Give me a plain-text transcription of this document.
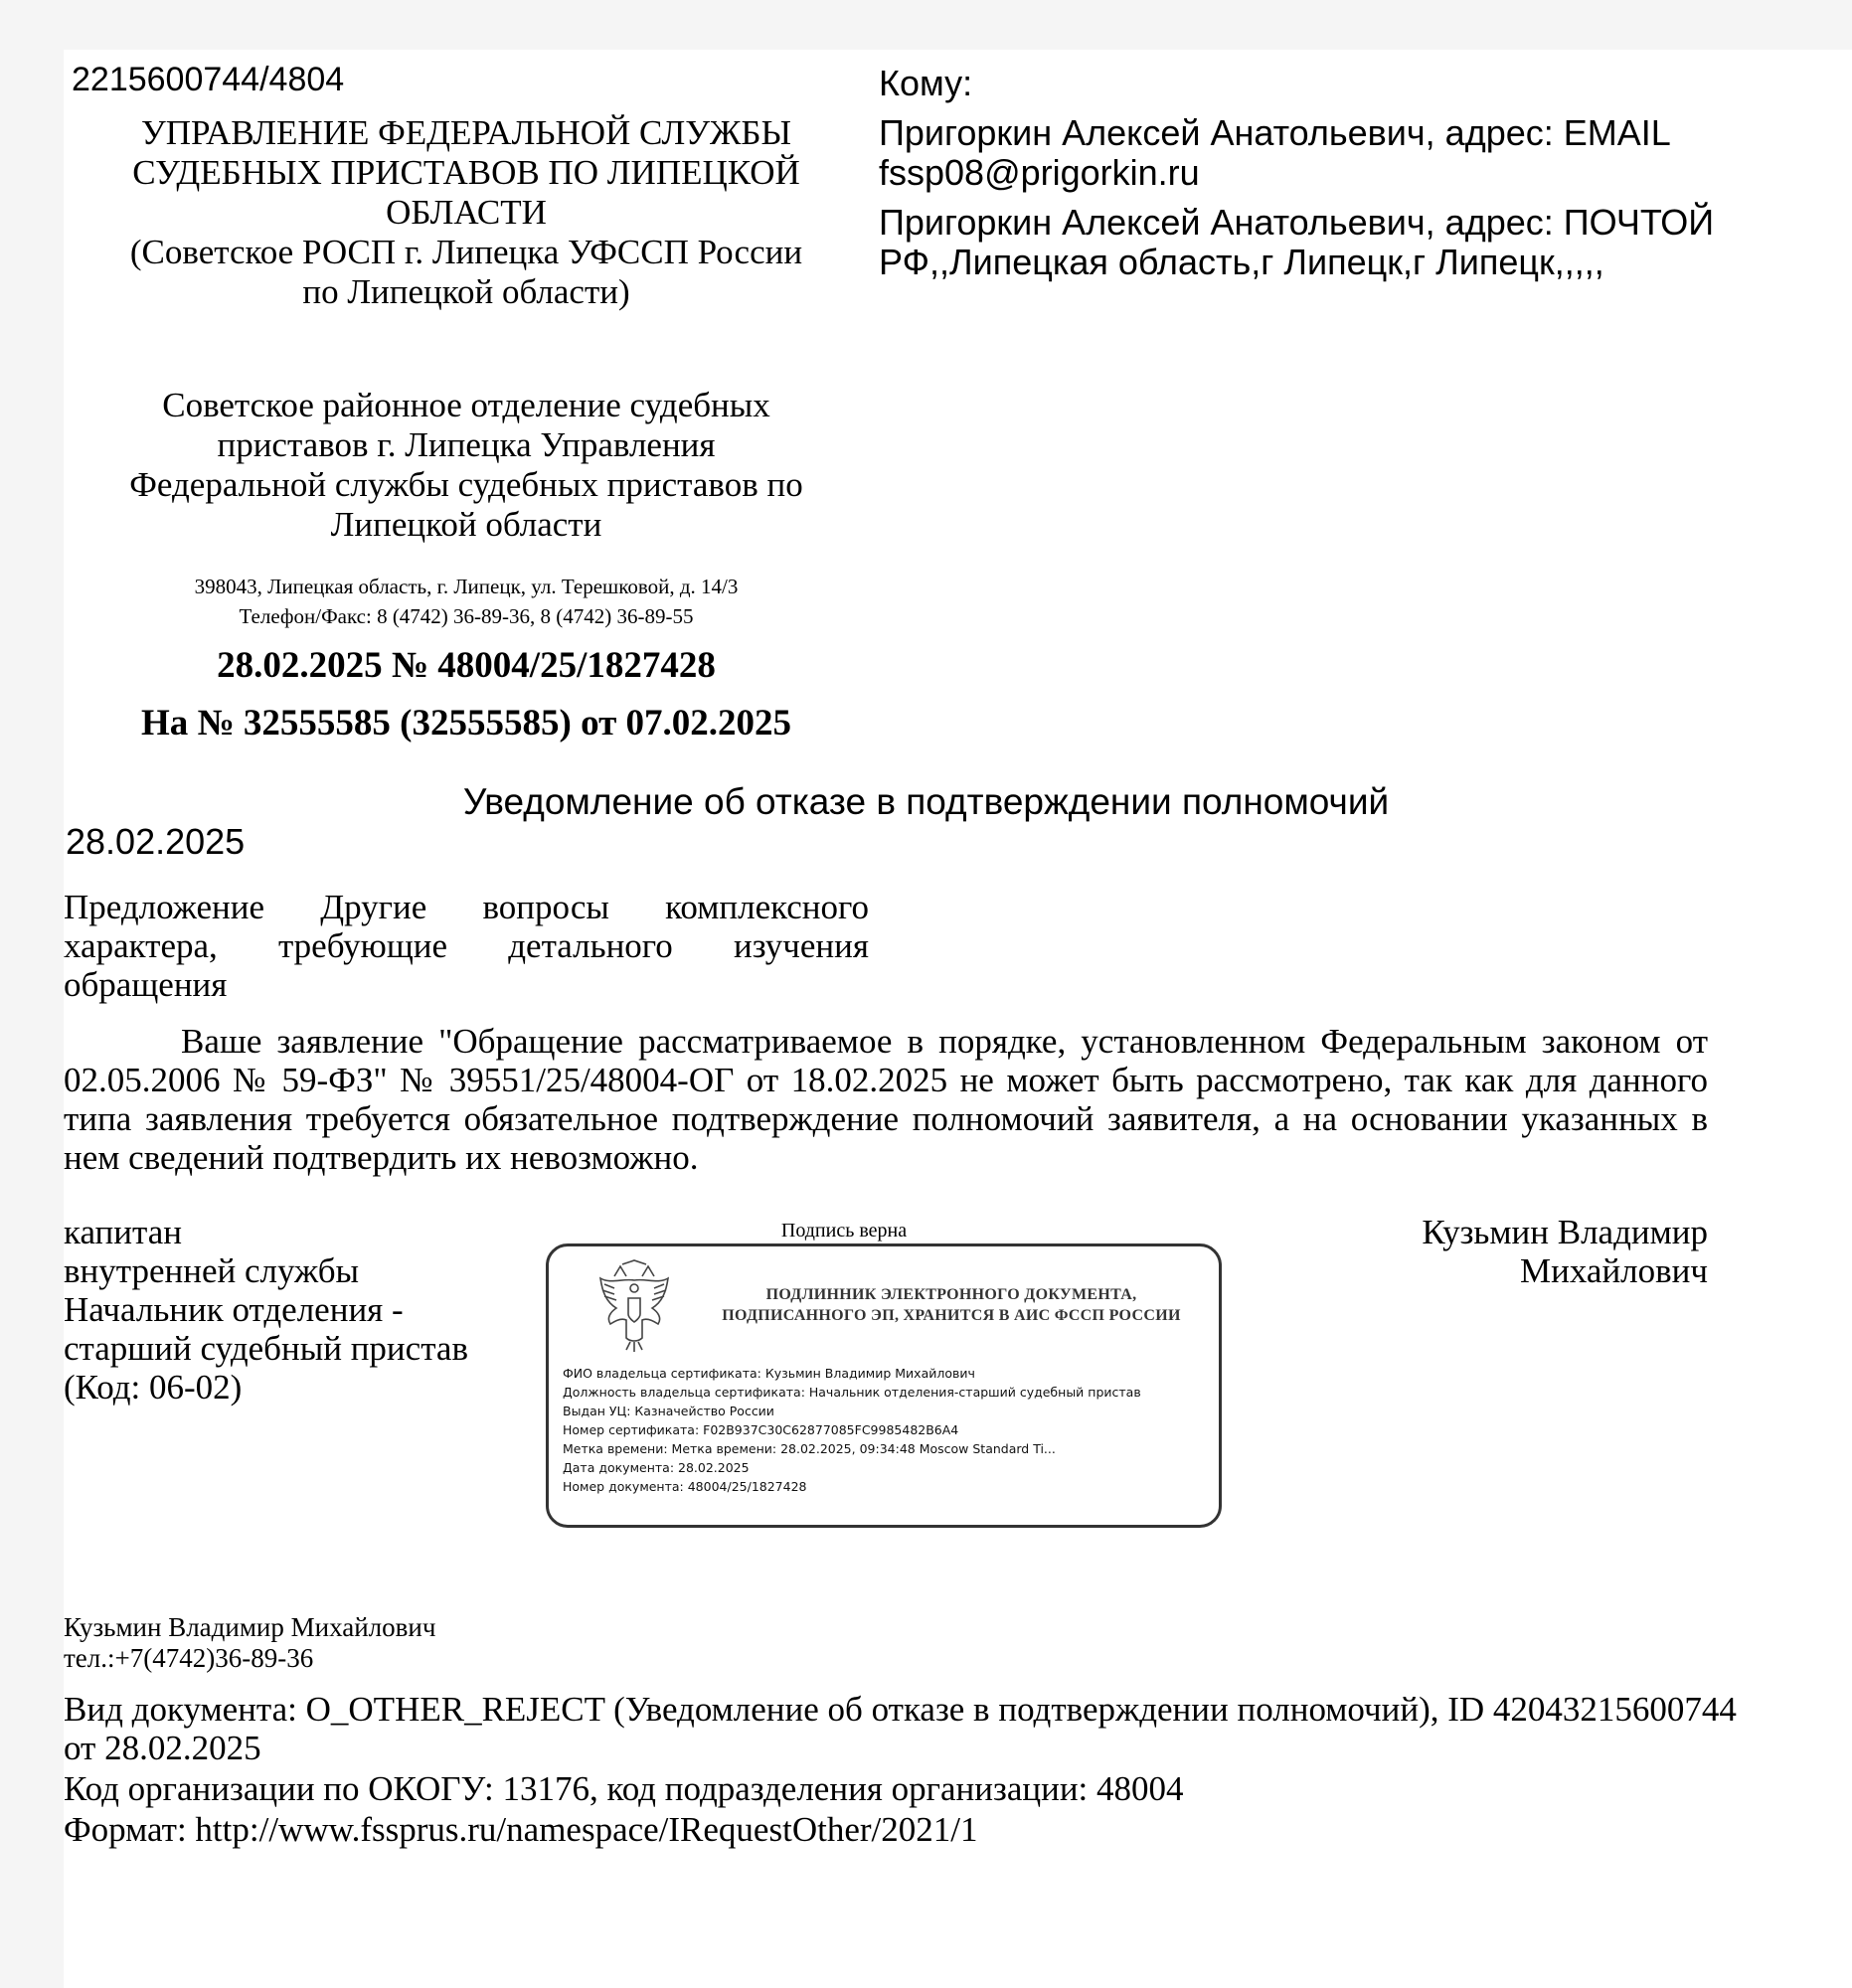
2215600744/4804
УПРАВЛЕНИЕ ФЕДЕРАЛЬНОЙ СЛУЖБЫ
СУДЕБНЫХ ПРИСТАВОВ ПО ЛИПЕЦКОЙ
ОБЛАСТИ
(Советское РОСП г. Липецка УФССП России
по Липецкой области)
Кому:
Пригоркин Алексей Анатольевич, адрес: EMAIL fssp08@prigorkin.ru
Пригоркин Алексей Анатольевич, адрес: ПОЧТОЙ РФ,,Липецкая область,г Липецк,г Липецк,,,,,
Советское районное отделение судебных
приставов г. Липецка Управления
Федеральной службы судебных приставов по
Липецкой области
398043, Липецкая область, г. Липецк, ул. Терешковой, д. 14/3
Телефон/Факс: 8 (4742) 36-89-36, 8 (4742) 36-89-55
28.02.2025 № 48004/25/1827428
На № 32555585 (32555585) от 07.02.2025
Уведомление об отказе в подтверждении полномочий
28.02.2025
Предложение Другие вопросы комплексного характера, требующие детального изучения обращения
Ваше заявление "Обращение рассматриваемое в порядке, установленном Федеральным законом от 02.05.2006 № 59-ФЗ" № 39551/25/48004-ОГ от 18.02.2025 не может быть рассмотрено, так как для данного типа заявления требуется обязательное подтверждение полномочий заявителя, а на основании указанных в нем сведений подтвердить их невозможно.
капитан
внутренней службы
Начальник отделения -
старший судебный пристав
(Код: 06-02)
Подпись верна
ПОДЛИННИК ЭЛЕКТРОННОГО ДОКУМЕНТА,
ПОДПИСАННОГО ЭП, ХРАНИТСЯ В АИС ФССП РОССИИ
ФИО владельца сертификата: Кузьмин Владимир Михайлович
Должность владельца сертификата: Начальник отделения-старший судебный пристав
Выдан УЦ: Казначейство России
Номер сертификата: F02B937C30C62877085FC9985482B6A4
Метка времени: Метка времени: 28.02.2025, 09:34:48 Moscow Standard Ti...
Дата документа: 28.02.2025
Номер документа: 48004/25/1827428
Кузьмин Владимир
Михайлович
Кузьмин Владимир Михайлович
тел.:+7(4742)36-89-36
Вид документа: O_OTHER_REJECT (Уведомление об отказе в подтверждении полномочий), ID 42043215600744 от 28.02.2025
Код организации по ОКОГУ: 13176, код подразделения организации: 48004
Формат: http://www.fssprus.ru/namespace/IRequestOther/2021/1
